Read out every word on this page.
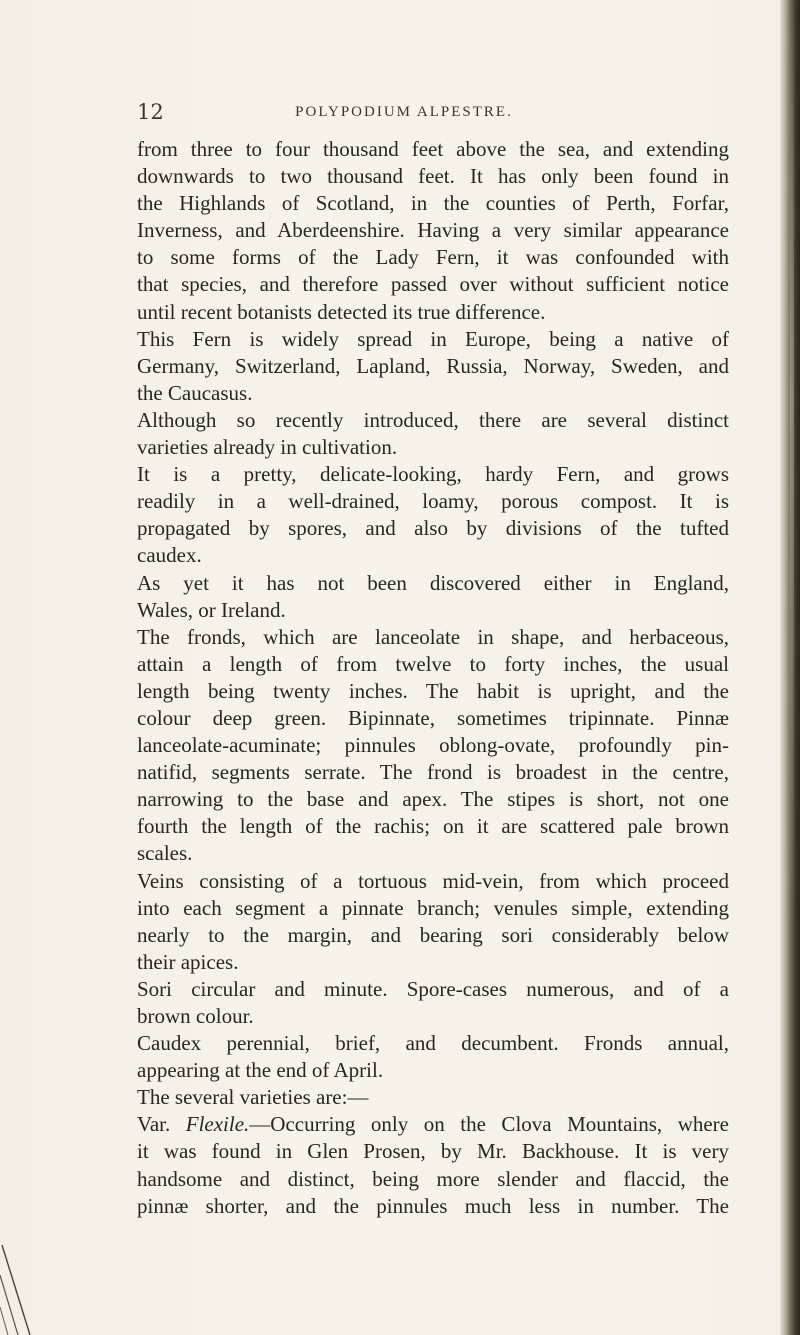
12	POLYPODIUM ALPESTRE.
from three to four thousand feet above the sea, and extending
downwards to two thousand feet. It has only been found in
the Highlands of Scotland, in the counties of Perth, Forfar,
Inverness, and Aberdeenshire. Having a very similar appearance
to some forms of the Lady Fern, it was confounded with
that species, and therefore passed over without sufficient notice
until recent botanists detected its true difference.
This Fern is widely spread in Europe, being a native of
Germany, Switzerland, Lapland, Russia, Norway, Sweden, and
the Caucasus.
Although so recently introduced, there are several distinct
varieties already in cultivation.
It is a pretty, delicate-looking, hardy Fern, and grows
readily in a well-drained, loamy, porous compost. It is
propagated by spores, and also by divisions of the tufted
caudex.
As yet it has not been discovered either in England,
Wales, or Ireland.
The fronds, which are lanceolate in shape, and herbaceous,
attain a length of from twelve to forty inches, the usual
length being twenty inches. The habit is upright, and the
colour deep green. Bipinnate, sometimes tripinnate. Pinnæ
lanceolate-acuminate; pinnules oblong-ovate, profoundly pin-
natifid, segments serrate. The frond is broadest in the centre,
narrowing to the base and apex. The stipes is short, not one
fourth the length of the rachis; on it are scattered pale brown
scales.
Veins consisting of a tortuous mid-vein, from which proceed
into each segment a pinnate branch; venules simple, extending
nearly to the margin, and bearing sori considerably below
their apices.
Sori circular and minute. Spore-cases numerous, and of a
brown colour.
Caudex perennial, brief, and decumbent. Fronds annual,
appearing at the end of April.
The several varieties are:—
Var. Flexile.—Occurring only on the Clova Mountains, where
it was found in Glen Prosen, by Mr. Backhouse. It is very
handsome and distinct, being more slender and flaccid, the
pinnæ shorter, and the pinnules much less in number. The
